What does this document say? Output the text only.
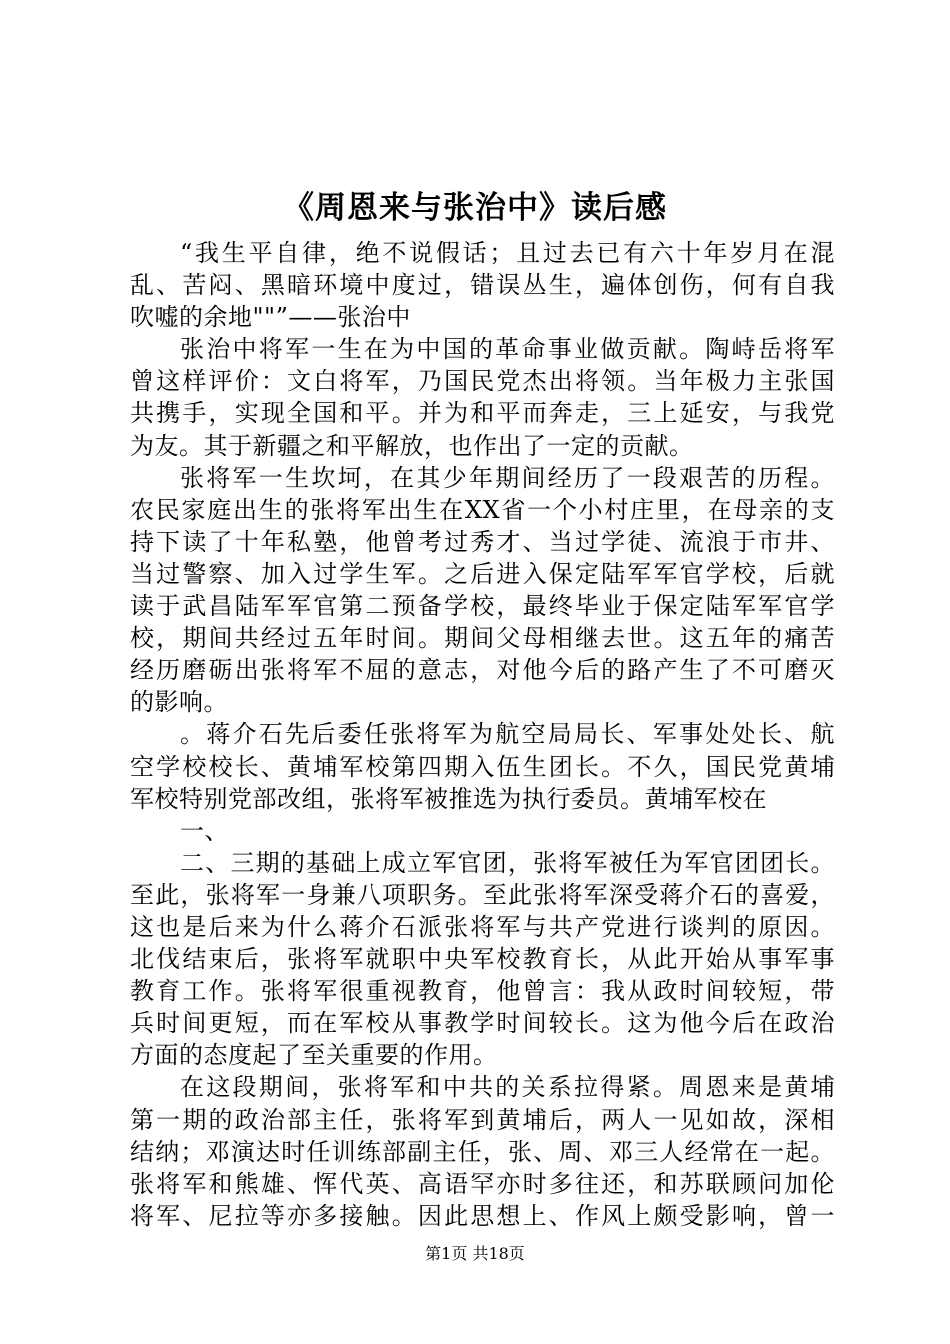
《周恩来与张治中》读后感
“我生平自律，绝不说假话；且过去已有六十年岁月在混
乱、苦闷、黑暗环境中度过，错误丛生，遍体创伤，何有自我
吹嘘的余地""”——张治中
张治中将军一生在为中国的革命事业做贡献。陶峙岳将军
曾这样评价：文白将军，乃国民党杰出将领。当年极力主张国
共携手，实现全国和平。并为和平而奔走，三上延安，与我党
为友。其于新疆之和平解放，也作出了一定的贡献。
张将军一生坎坷，在其少年期间经历了一段艰苦的历程。
农民家庭出生的张将军出生在XX省一个小村庄里，在母亲的支
持下读了十年私塾，他曾考过秀才、当过学徒、流浪于市井、
当过警察、加入过学生军。之后进入保定陆军军官学校，后就
读于武昌陆军军官第二预备学校，最终毕业于保定陆军军官学
校，期间共经过五年时间。期间父母相继去世。这五年的痛苦
经历磨砺出张将军不屈的意志，对他今后的路产生了不可磨灭
的影响。
。蒋介石先后委任张将军为航空局局长、军事处处长、航
空学校校长、黄埔军校第四期入伍生团长。不久，国民党黄埔
军校特别党部改组，张将军被推选为执行委员。黄埔军校在
一、
二、三期的基础上成立军官团，张将军被任为军官团团长。
至此，张将军一身兼八项职务。至此张将军深受蒋介石的喜爱，
这也是后来为什么蒋介石派张将军与共产党进行谈判的原因。
北伐结束后，张将军就职中央军校教育长，从此开始从事军事
教育工作。张将军很重视教育，他曾言：我从政时间较短，带
兵时间更短，而在军校从事教学时间较长。这为他今后在政治
方面的态度起了至关重要的作用。
在这段期间，张将军和中共的关系拉得紧。周恩来是黄埔
第一期的政治部主任，张将军到黄埔后，两人一见如故，深相
结纳；邓演达时任训练部副主任，张、周、邓三人经常在一起。
张将军和熊雄、恽代英、高语罕亦时多往还，和苏联顾问加伦
将军、尼拉等亦多接触。因此思想上、作风上颇受影响，曾一
第1页 共18页
